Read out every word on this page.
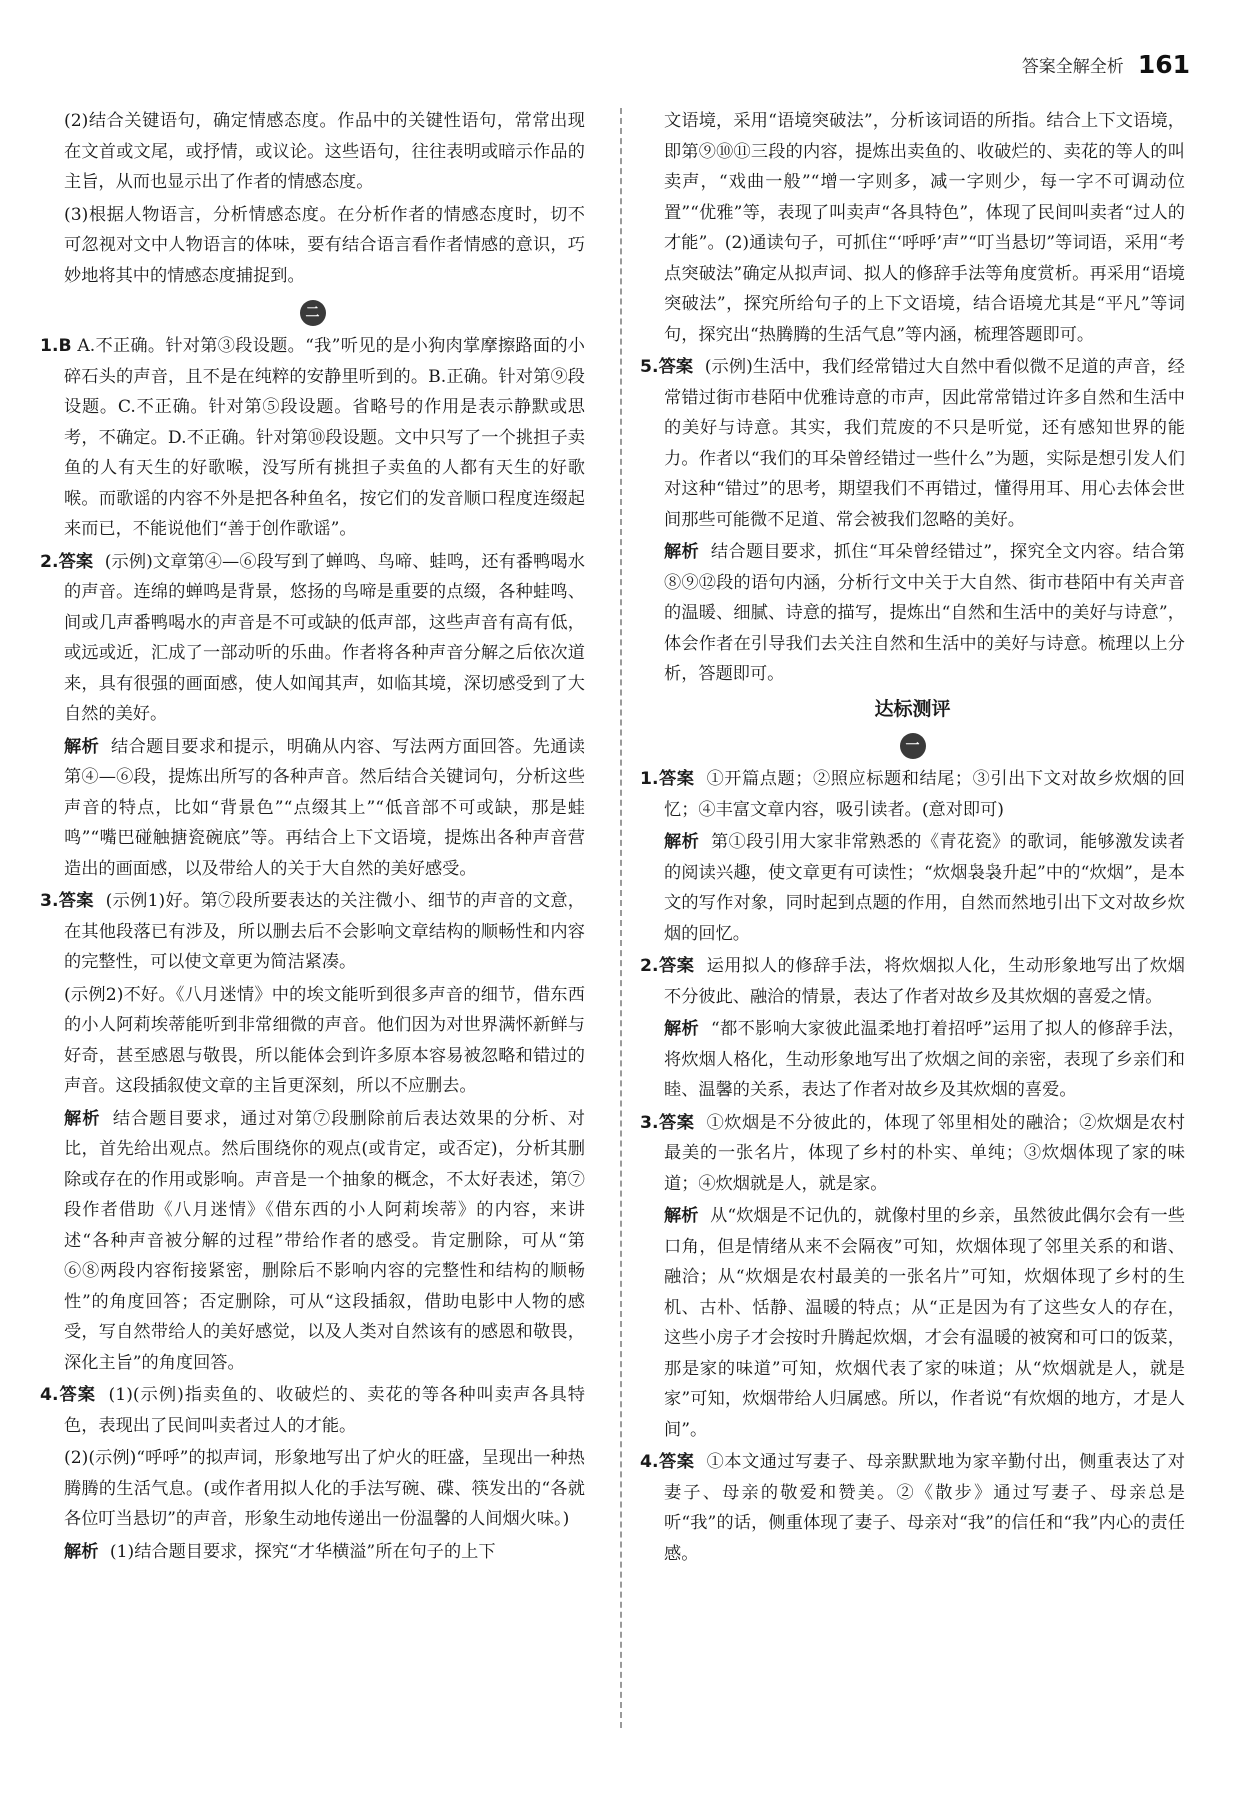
答案全解全析 161

(2)结合关键语句，确定情感态度。作品中的关键性语句，常常出现在文首或文尾，或抒情，或议论。这些语句，往往表明或暗示作品的主旨，从而也显示出了作者的情感态度。

(3)根据人物语言，分析情感态度。在分析作者的情感态度时，切不可忽视对文中人物语言的体味，要有结合语言看作者情感的意识，巧妙地将其中的情感态度捕捉到。

二

1.B A.不正确。针对第③段设题。“我”听见的是小狗肉掌摩擦路面的小碎石头的声音，且不是在纯粹的安静里听到的。B.正确。针对第⑨段设题。C.不正确。针对第⑤段设题。省略号的作用是表示静默或思考，不确定。D.不正确。针对第⑩段设题。文中只写了一个挑担子卖鱼的人有天生的好歌喉，没写所有挑担子卖鱼的人都有天生的好歌喉。而歌谣的内容不外是把各种鱼名，按它们的发音顺口程度连缀起来而已，不能说他们“善于创作歌谣”。

2.答案 (示例)文章第④—⑥段写到了蝉鸣、鸟啼、蛙鸣，还有番鸭喝水的声音。连绵的蝉鸣是背景，悠扬的鸟啼是重要的点缀，各种蛙鸣、间或几声番鸭喝水的声音是不可或缺的低声部，这些声音有高有低，或远或近，汇成了一部动听的乐曲。作者将各种声音分解之后依次道来，具有很强的画面感，使人如闻其声，如临其境，深切感受到了大自然的美好。

解析 结合题目要求和提示，明确从内容、写法两方面回答。先通读第④—⑥段，提炼出所写的各种声音。然后结合关键词句，分析这些声音的特点，比如“背景色”“点缀其上”“低音部不可或缺，那是蛙鸣”“嘴巴碰触搪瓷碗底”等。再结合上下文语境，提炼出各种声音营造出的画面感，以及带给人的关于大自然的美好感受。

3.答案 (示例1)好。第⑦段所要表达的关注微小、细节的声音的文意，在其他段落已有涉及，所以删去后不会影响文章结构的顺畅性和内容的完整性，可以使文章更为简洁紧凑。

(示例2)不好。《八月迷情》中的埃文能听到很多声音的细节，借东西的小人阿莉埃蒂能听到非常细微的声音。他们因为对世界满怀新鲜与好奇，甚至感恩与敬畏，所以能体会到许多原本容易被忽略和错过的声音。这段插叙使文章的主旨更深刻，所以不应删去。

解析 结合题目要求，通过对第⑦段删除前后表达效果的分析、对比，首先给出观点。然后围绕你的观点(或肯定，或否定)，分析其删除或存在的作用或影响。声音是一个抽象的概念，不太好表述，第⑦段作者借助《八月迷情》《借东西的小人阿莉埃蒂》的内容，来讲述“各种声音被分解的过程”带给作者的感受。肯定删除，可从“第⑥⑧两段内容衔接紧密，删除后不影响内容的完整性和结构的顺畅性”的角度回答；否定删除，可从“这段插叙，借助电影中人物的感受，写自然带给人的美好感觉，以及人类对自然该有的感恩和敬畏，深化主旨”的角度回答。

4.答案 (1)(示例)指卖鱼的、收破烂的、卖花的等各种叫卖声各具特色，表现出了民间叫卖者过人的才能。

(2)(示例)“呼呼”的拟声词，形象地写出了炉火的旺盛，呈现出一种热腾腾的生活气息。(或作者用拟人化的手法写碗、碟、筷发出的“各就各位叮当悬切”的声音，形象生动地传递出一份温馨的人间烟火味。)

解析 (1)结合题目要求，探究“才华横溢”所在句子的上下

文语境，采用“语境突破法”，分析该词语的所指。结合上下文语境，即第⑨⑩⑪三段的内容，提炼出卖鱼的、收破烂的、卖花的等人的叫卖声，“戏曲一般”“增一字则多，减一字则少，每一字不可调动位置”“优雅”等，表现了叫卖声“各具特色”，体现了民间叫卖者“过人的才能”。(2)通读句子，可抓住“‘呼呼’声”“叮当悬切”等词语，采用“考点突破法”确定从拟声词、拟人的修辞手法等角度赏析。再采用“语境突破法”，探究所给句子的上下文语境，结合语境尤其是“平凡”等词句，探究出“热腾腾的生活气息”等内涵，梳理答题即可。

5.答案 (示例)生活中，我们经常错过大自然中看似微不足道的声音，经常错过街市巷陌中优雅诗意的市声，因此常常错过许多自然和生活中的美好与诗意。其实，我们荒废的不只是听觉，还有感知世界的能力。作者以“我们的耳朵曾经错过一些什么”为题，实际是想引发人们对这种“错过”的思考，期望我们不再错过，懂得用耳、用心去体会世间那些可能微不足道、常会被我们忽略的美好。

解析 结合题目要求，抓住“耳朵曾经错过”，探究全文内容。结合第⑧⑨⑫段的语句内涵，分析行文中关于大自然、街市巷陌中有关声音的温暖、细腻、诗意的描写，提炼出“自然和生活中的美好与诗意”，体会作者在引导我们去关注自然和生活中的美好与诗意。梳理以上分析，答题即可。

达标测评
一

1.答案 ①开篇点题；②照应标题和结尾；③引出下文对故乡炊烟的回忆；④丰富文章内容，吸引读者。(意对即可)

解析 第①段引用大家非常熟悉的《青花瓷》的歌词，能够激发读者的阅读兴趣，使文章更有可读性；“炊烟袅袅升起”中的“炊烟”，是本文的写作对象，同时起到点题的作用，自然而然地引出下文对故乡炊烟的回忆。

2.答案 运用拟人的修辞手法，将炊烟拟人化，生动形象地写出了炊烟不分彼此、融洽的情景，表达了作者对故乡及其炊烟的喜爱之情。

解析 “都不影响大家彼此温柔地打着招呼”运用了拟人的修辞手法，将炊烟人格化，生动形象地写出了炊烟之间的亲密，表现了乡亲们和睦、温馨的关系，表达了作者对故乡及其炊烟的喜爱。

3.答案 ①炊烟是不分彼此的，体现了邻里相处的融洽；②炊烟是农村最美的一张名片，体现了乡村的朴实、单纯；③炊烟体现了家的味道；④炊烟就是人，就是家。

解析 从“炊烟是不记仇的，就像村里的乡亲，虽然彼此偶尔会有一些口角，但是情绪从来不会隔夜”可知，炊烟体现了邻里关系的和谐、融洽；从“炊烟是农村最美的一张名片”可知，炊烟体现了乡村的生机、古朴、恬静、温暖的特点；从“正是因为有了这些女人的存在，这些小房子才会按时升腾起炊烟，才会有温暖的被窝和可口的饭菜，那是家的味道”可知，炊烟代表了家的味道；从“炊烟就是人，就是家”可知，炊烟带给人归属感。所以，作者说“有炊烟的地方，才是人间”。

4.答案 ①本文通过写妻子、母亲默默地为家辛勤付出，侧重表达了对妻子、母亲的敬爱和赞美。②《散步》通过写妻子、母亲总是听“我”的话，侧重体现了妻子、母亲对“我”的信任和“我”内心的责任感。
